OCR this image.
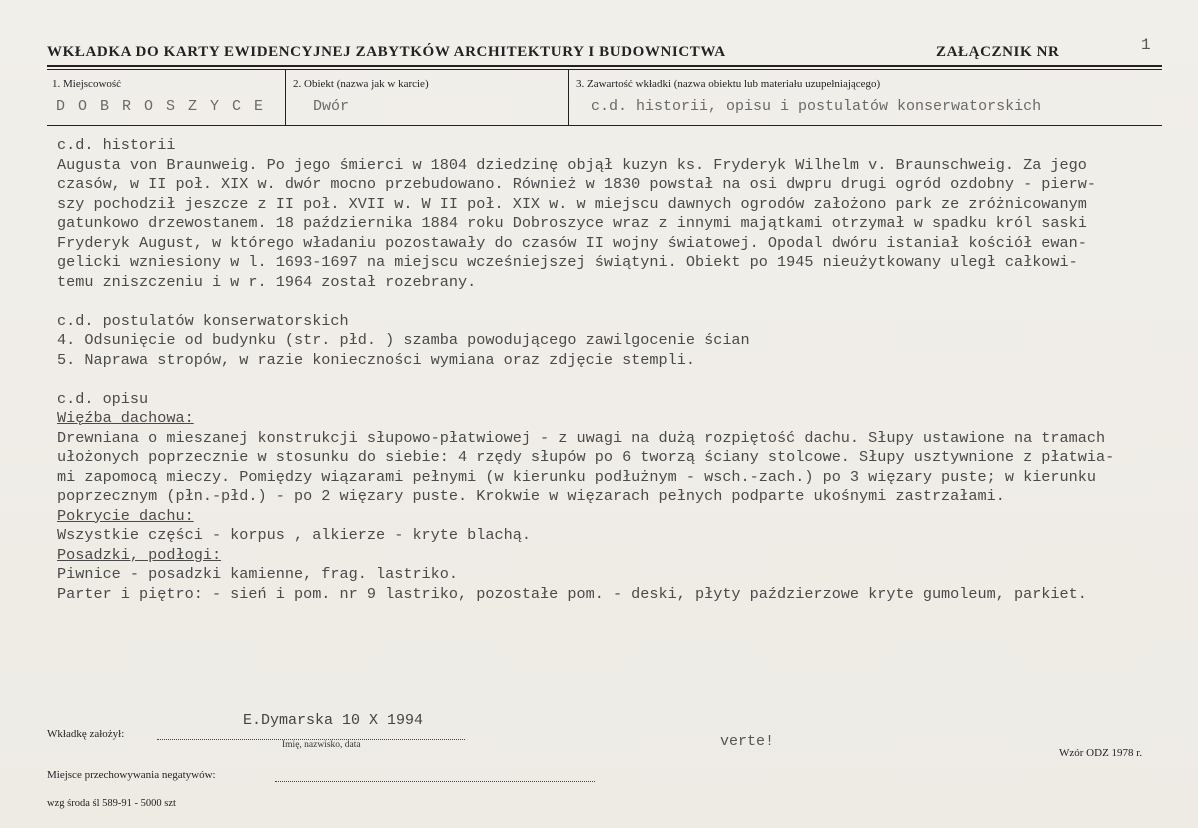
1
WKŁADKA DO KARTY EWIDENCYJNEJ ZABYTKÓW ARCHITEKTURY I BUDOWNICTWA	ZAŁĄCZNIK NR
1. Miejscowość
D O B R O S Z Y C E
2. Obiekt (nazwa jak w karcie)
Dwór
3. Zawartość wkładki (nazwa obiektu lub materiału uzupełniającego)
c.d. historii, opisu i postulatów konserwatorskich
c.d. historii
Augusta von Braunweig. Po jego śmierci w 1804 dziedzinę objął kuzyn ks. Fryderyk Wilhelm v. Braunschweig. Za jego
czasów, w II poł. XIX w. dwór mocno przebudowano. Również w 1830 powstał na osi dwpru drugi ogród ozdobny - pierw-
szy pochodził jeszcze z II poł. XVII w. W II poł. XIX w. w miejscu dawnych ogrodów założono park ze zróżnicowanym
gatunkowo drzewostanem. 18 października 1884 roku Dobroszyce wraz z innymi majątkami otrzymał w spadku król saski
Fryderyk August, w którego władaniu pozostawały do czasów II wojny światowej. Opodal dwóru istaniał kościół ewan-
gelicki wzniesiony w l. 1693-1697 na miejscu wcześniejszej świątyni. Obiekt po 1945 nieużytkowany uległ całkowi-
temu zniszczeniu i w r. 1964 został rozebrany.
c.d. postulatów konserwatorskich
4. Odsunięcie od budynku (str. płd. ) szamba powodującego zawilgocenie ścian
5. Naprawa stropów, w razie konieczności wymiana oraz zdjęcie stempli.
c.d. opisu
Więźba dachowa:
Drewniana o mieszanej konstrukcji słupowo-płatwiowej - z uwagi na dużą rozpiętość dachu. Słupy ustawione na tramach
ułożonych poprzecznie w stosunku do siebie: 4 rzędy słupów po 6 tworzą ściany stolcowe. Słupy usztywnione z płatwia-
mi zapomocą mieczy. Pomiędzy wiązarami pełnymi (w kierunku podłużnym - wsch.-zach.) po 3 więzary puste; w kierunku
poprzecznym (płn.-płd.) - po 2 więzary puste. Krokwie w więzarach pełnych podparte ukośnymi zastrzałami.
Pokrycie dachu:
Wszystkie części - korpus , alkierze - kryte blachą.
Posadzki, podłogi:
Piwnice - posadzki kamienne, frag. lastriko.
Parter i piętro: - sień i pom. nr 9 lastriko, pozostałe pom. - deski, płyty paździerzowe kryte gumoleum, parkiet.
Wkładkę założył:
E.Dymarska 10 X 1994
Imię, nazwisko, data	verte!
Wzór ODZ 1978 r.
Miejsce przechowywania negatywów:
wzg środa śl 589-91 - 5000 szt
